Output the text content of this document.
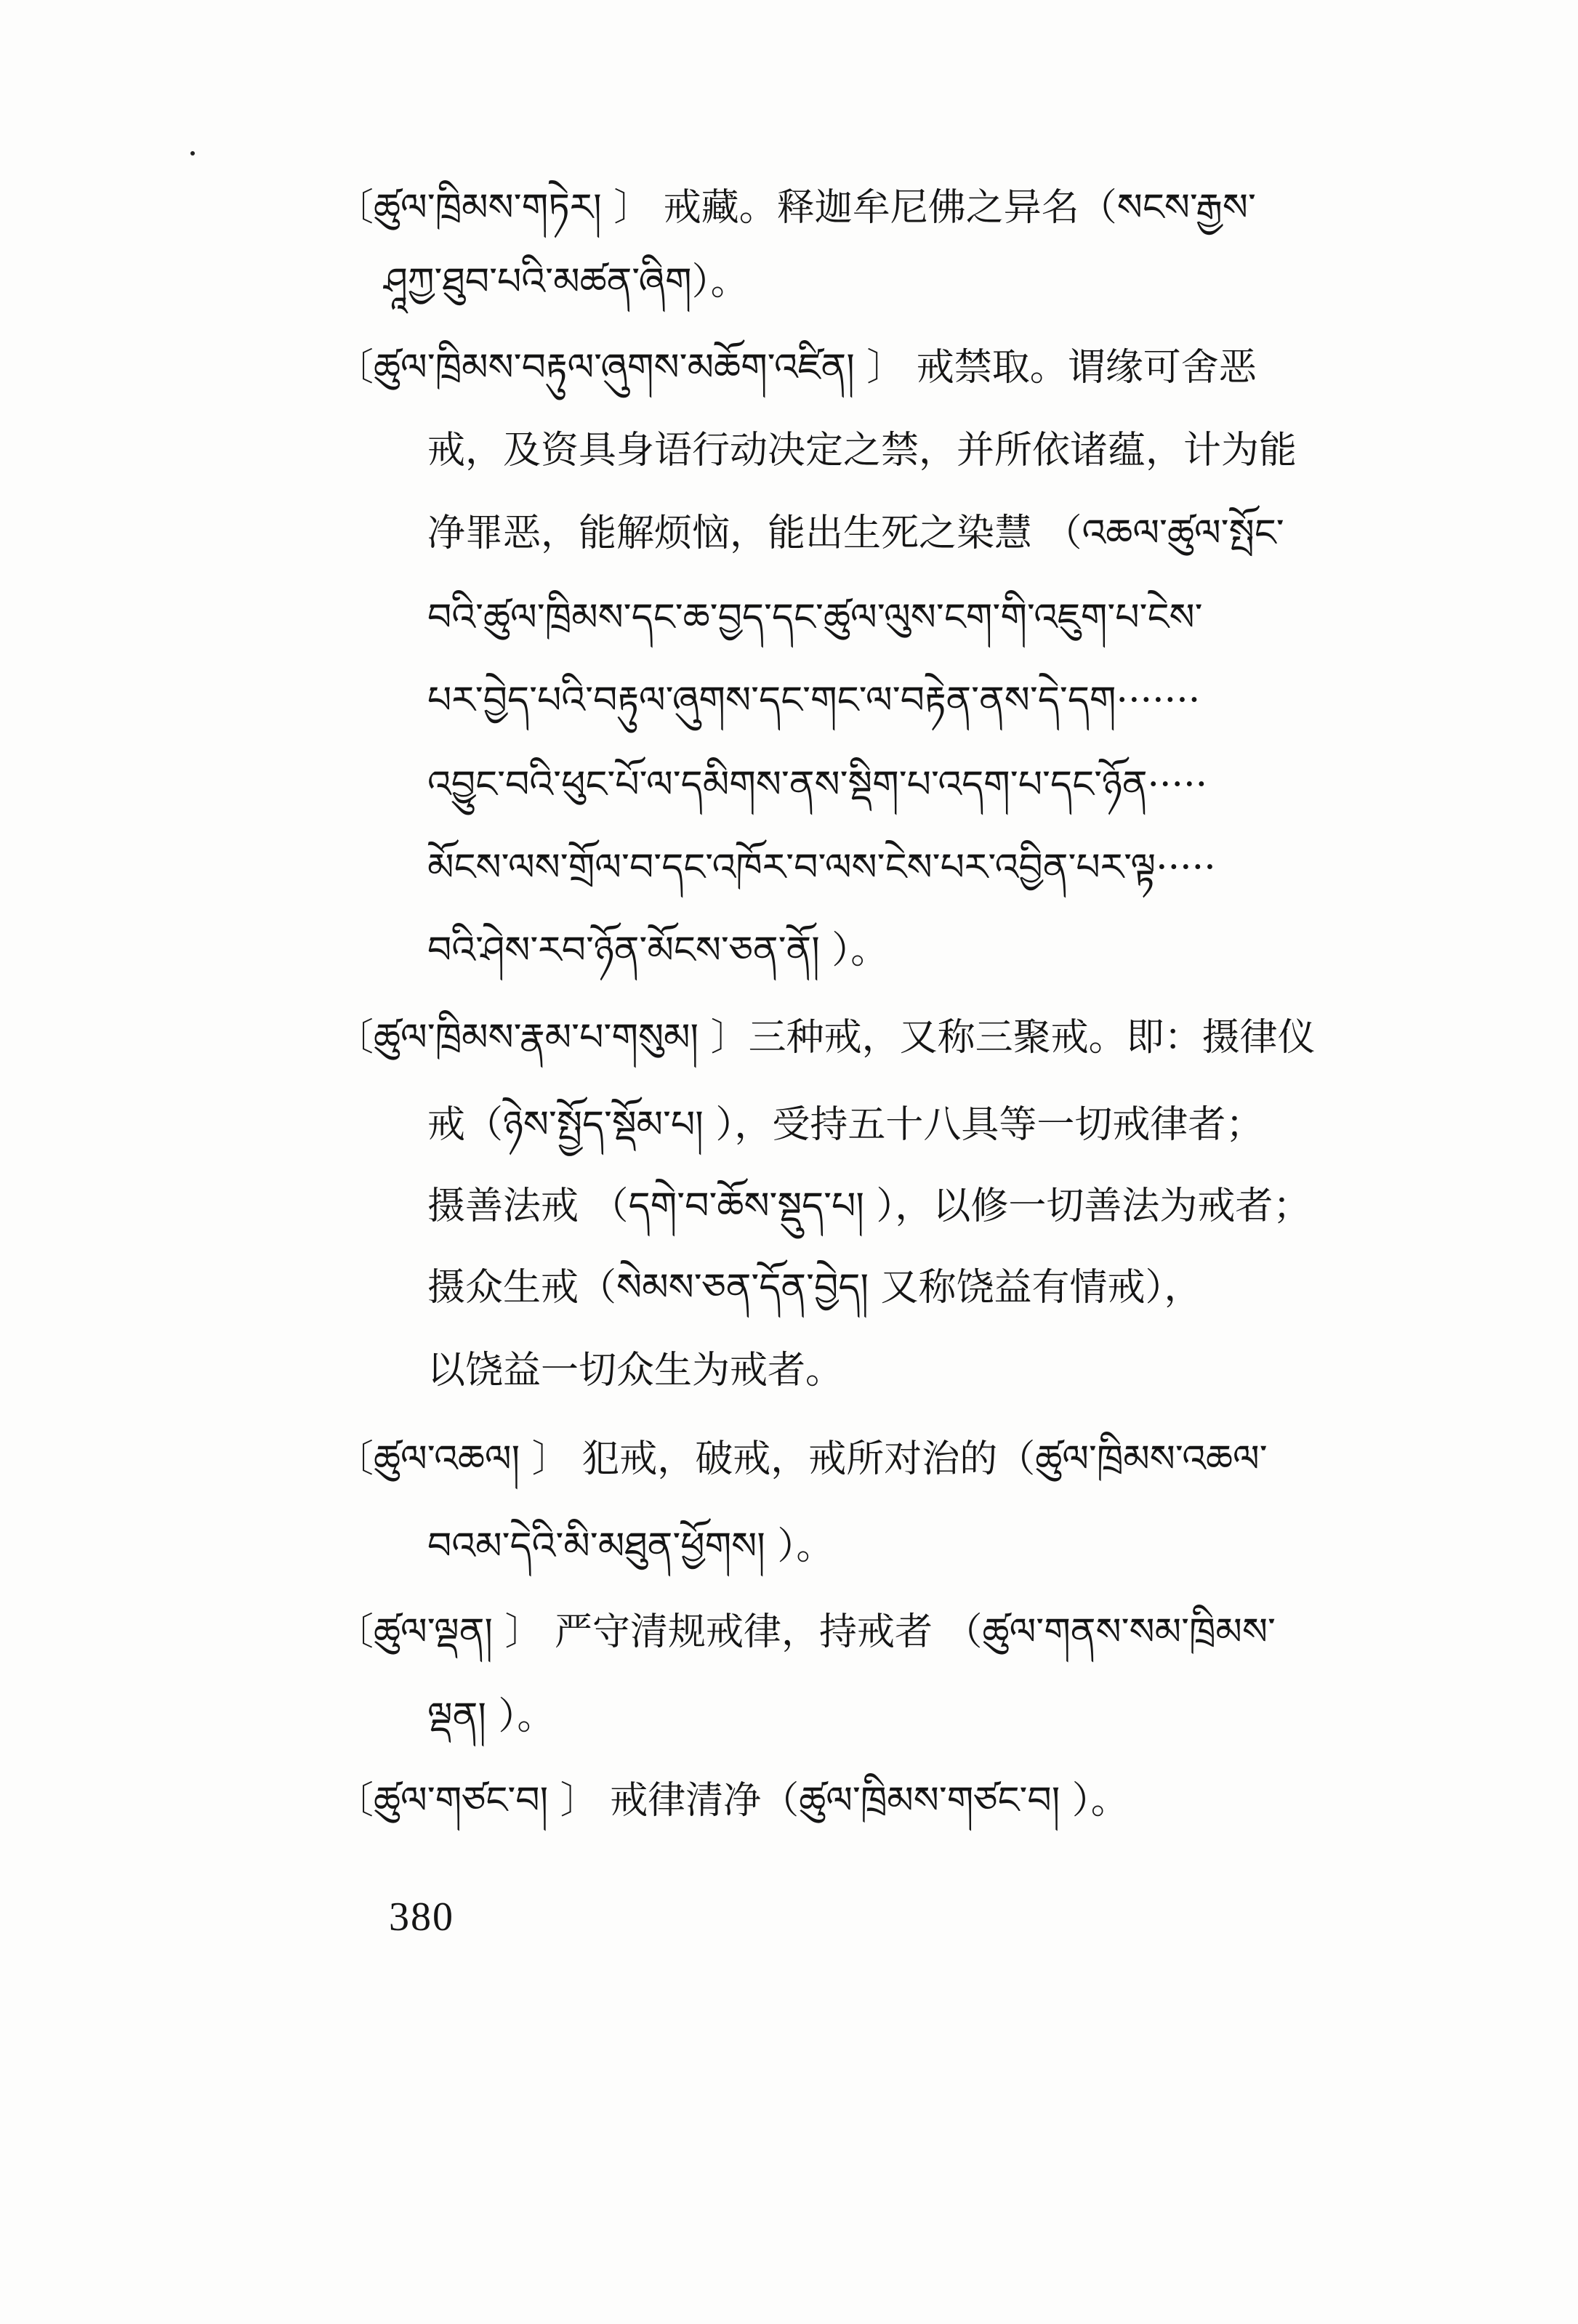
〔ཚུལ་ཁྲིམས་གཏེར། 〕 戒藏。释迦牟尼佛之异名（སངས་རྒྱས་
ཤཱཀྱ་ཐུབ་པའི་མཚན་ཞིག）。
〔ཚུལ་ཁྲིམས་བརྟུལ་ཞུགས་མཆོག་འཛིན། 〕 戒禁取。谓缘可舍恶
戒，及资具身语行动决定之禁，并所依诸蕴，计为能
净罪恶，能解烦恼，能出生死之染慧 （འཆལ་ཚུལ་སྤོང་
བའི་ཚུལ་ཁྲིམས་དང་ཆ་བྱད་དང་ཚུལ་ལུས་ངག་གི་འཇུག་པ་ངེས་
པར་བྱེད་པའི་བརྟུལ་ཞུགས་དང་གང་ལ་བརྟེན་ནས་དེ་དག·······
འབྱུང་བའི་ཕུང་པོ་ལ་དམིགས་ནས་སྡིག་པ་འདག་པ་དང་ཉོན·····
མོངས་ལས་གྲོལ་བ་དང་འཁོར་བ་ལས་ངེས་པར་འབྱིན་པར་ལྟ·····
བའི་ཤེས་རབ་ཉོན་མོངས་ཅན་ནོ། ）。
〔ཚུལ་ཁྲིམས་རྣམ་པ་གསུམ། 〕三种戒，又称三聚戒。即：摄律仪
戒（ཉེས་སྤྱོད་སྡོམ་པ། ），受持五十八具等一切戒律者；
摄善法戒 （དགེ་བ་ཆོས་སྡུད་པ། ），以修一切善法为戒者；
摄众生戒（སེམས་ཅན་དོན་བྱེད། 又称饶益有情戒），
以饶益一切众生为戒者。
〔ཚུལ་འཆལ། 〕 犯戒，破戒，戒所对治的（ཚུལ་ཁྲིམས་འཆལ་
བའམ་དེའི་མི་མཐུན་ཕྱོགས། ）。
〔ཚུལ་ལྡན། 〕 严守清规戒律，持戒者 （ཚུལ་གནས་སམ་ཁྲིམས་
ལྡན། ）。
〔ཚུལ་གཙང་བ། 〕 戒律清净（ཚུལ་ཁྲིམས་གཙང་བ། ）。
380
